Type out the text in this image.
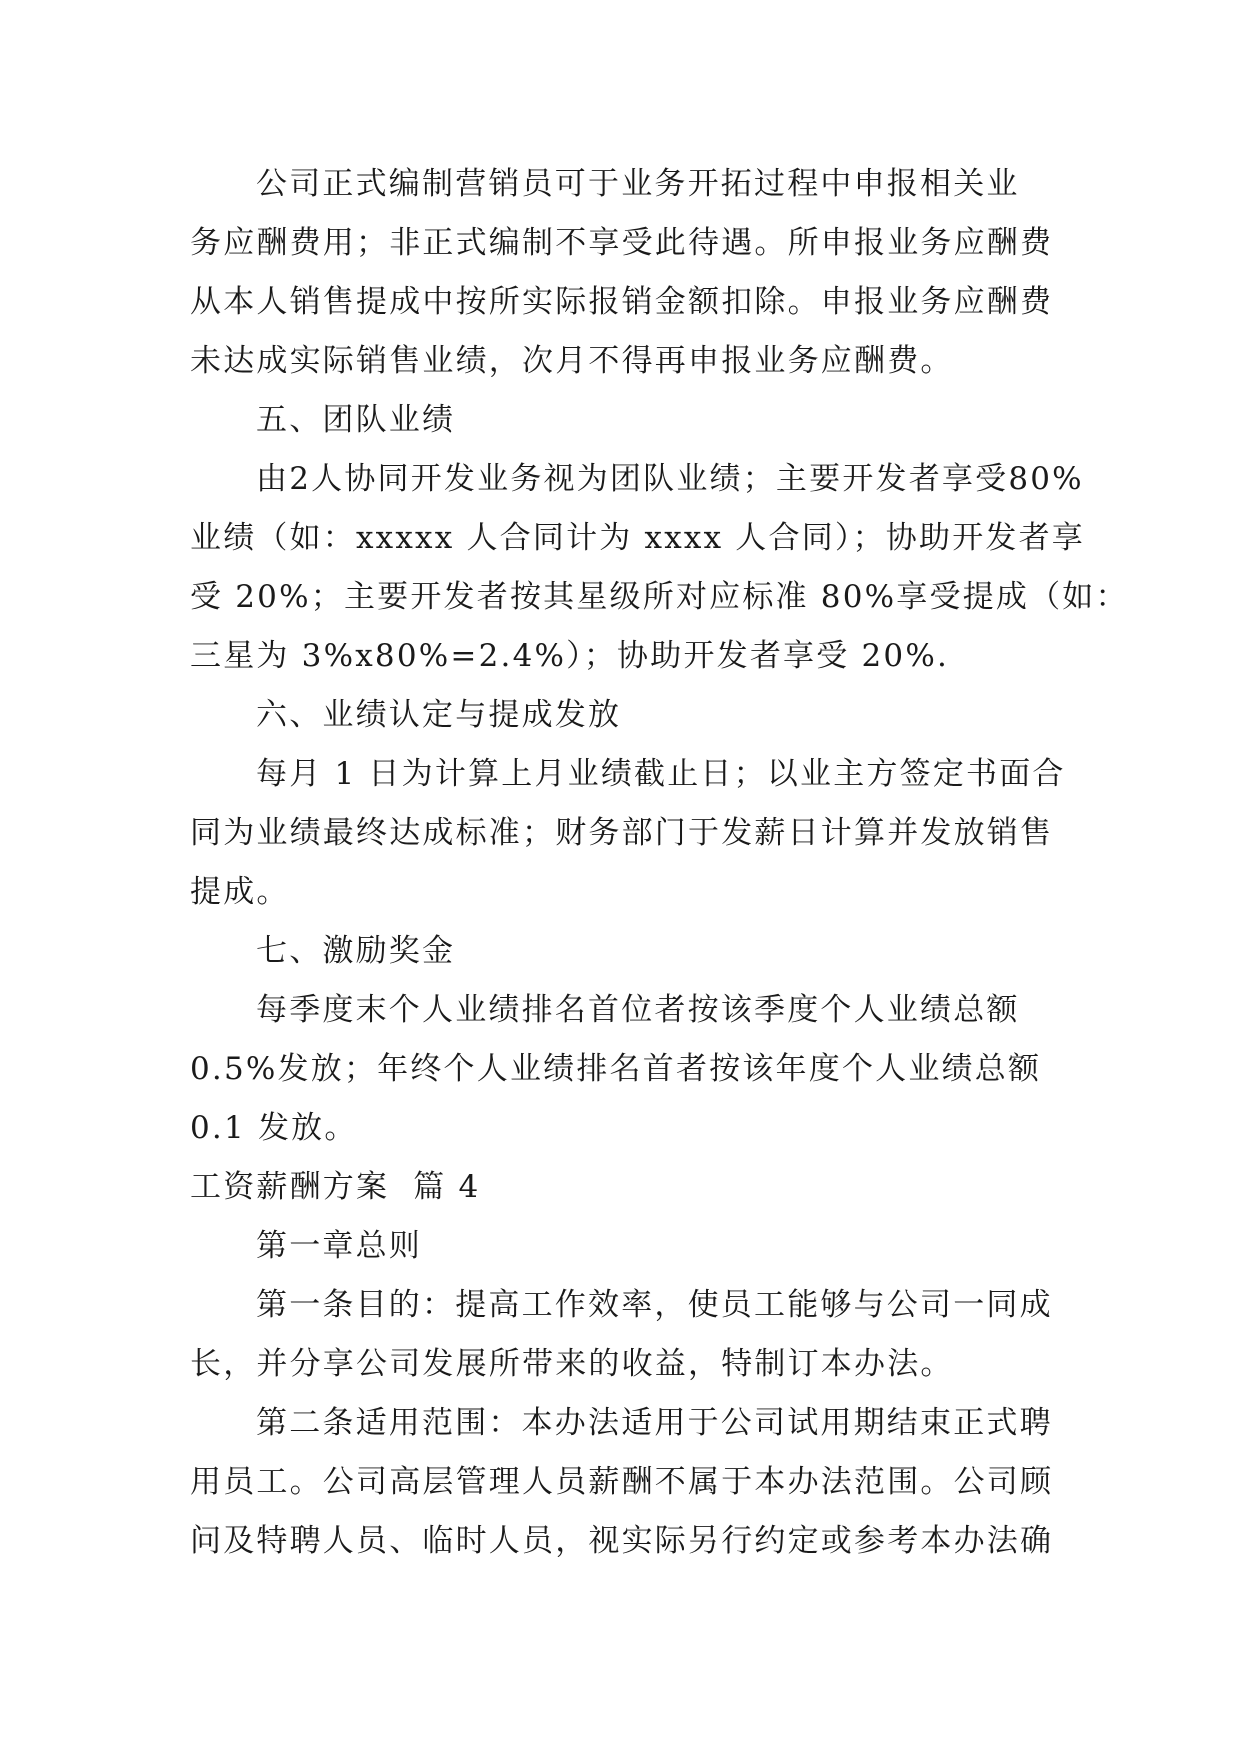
公司正式编制营销员可于业务开拓过程中申报相关业
务应酬费用；非正式编制不享受此待遇。所申报业务应酬费
从本人销售提成中按所实际报销金额扣除。申报业务应酬费
未达成实际销售业绩，次月不得再申报业务应酬费。
五、团队业绩
由2人协同开发业务视为团队业绩；主要开发者享受80%
业绩（如：xxxxx 人合同计为 xxxx 人合同）；协助开发者享
受 20%；主要开发者按其星级所对应标准 80%享受提成（如：
三星为 3%x80%=2.4%）；协助开发者享受 20%.
六、业绩认定与提成发放
每月 1 日为计算上月业绩截止日；以业主方签定书面合
同为业绩最终达成标准；财务部门于发薪日计算并发放销售
提成。
七、激励奖金
每季度末个人业绩排名首位者按该季度个人业绩总额
0.5%发放；年终个人业绩排名首者按该年度个人业绩总额
0.1 发放。
工资薪酬方案  篇 4
第一章总则
第一条目的：提高工作效率，使员工能够与公司一同成
长，并分享公司发展所带来的收益，特制订本办法。
第二条适用范围：本办法适用于公司试用期结束正式聘
用员工。公司高层管理人员薪酬不属于本办法范围。公司顾
问及特聘人员、临时人员，视实际另行约定或参考本办法确
